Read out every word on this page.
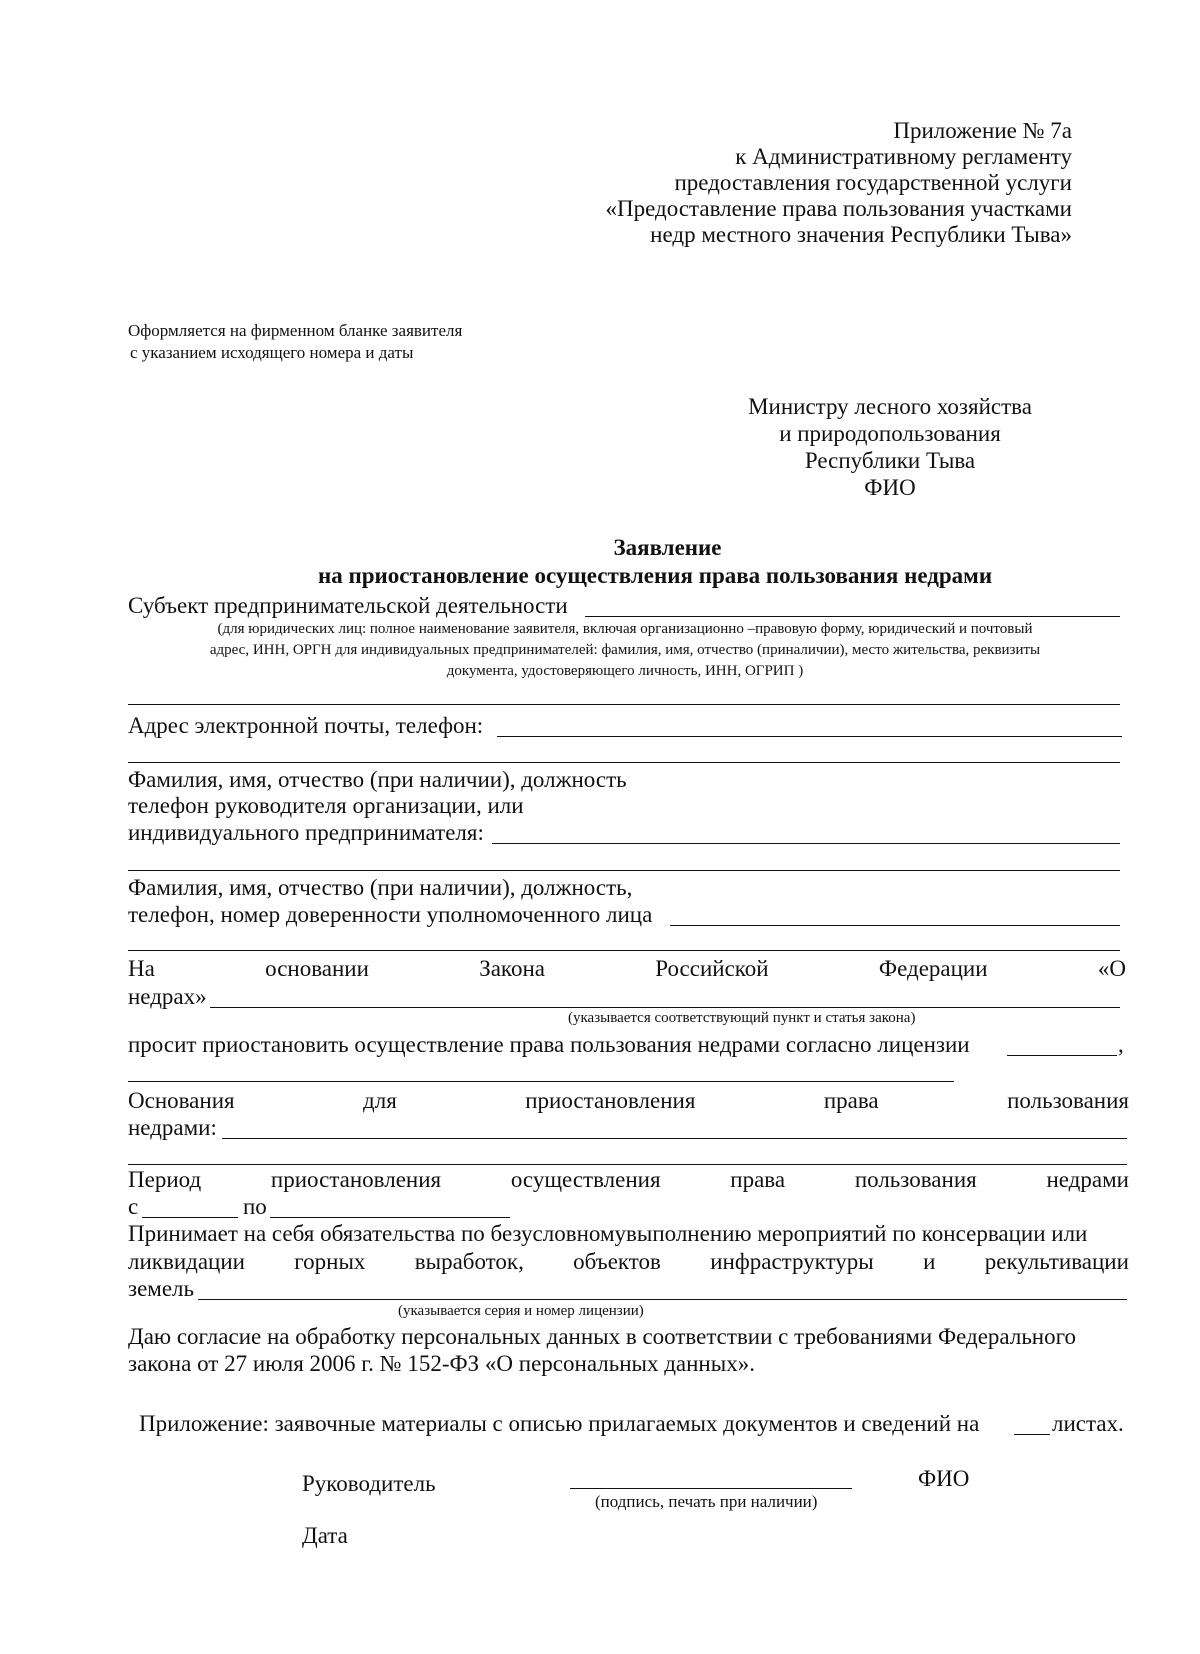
Приложение № 7а
к Административному регламенту
предоставления государственной услуги
«Предоставление права пользования участками
недр местного значения Республики Тыва»
Оформляется на фирменном бланке заявителя
с указанием исходящего номера и даты
Министру лесного хозяйства
и природопользования
Республики Тыва
ФИО
Заявление
на приостановление осуществления права пользования недрами
Субъект предпринимательской деятельности
(для юридических лиц: полное наименование заявителя, включая организационно –правовую форму, юридический и почтовый
адрес, ИНН, ОРГН для индивидуальных предпринимателей: фамилия, имя, отчество (приналичии), место жительства, реквизиты
документа, удостоверяющего личность, ИНН, ОГРИП )
Адрес электронной почты, телефон:
Фамилия, имя, отчество (при наличии), должность
телефон руководителя организации, или
индивидуального предпринимателя:
Фамилия, имя, отчество (при наличии), должность,
телефон, номер доверенности уполномоченного лица
На	основании	Закона	Российской	Федерации	«О
недрах»
(указывается соответствующий пункт и статья закона)
просит приостановить осуществление права пользования недрами согласно лицензии	,
Основания	для	приостановления	права	пользования
недрами:
Период	приостановления	осуществления	права	пользования	недрами
с	по
Принимает на себя обязательства по безусловномувыполнению мероприятий по консервации или
ликвидации горных выработок, объектов инфраструктуры и рекультивации
земель
(указывается серия и номер лицензии)
Даю согласие на обработку персональных данных в соответствии с требованиями Федерального
закона от 27 июля 2006 г. № 152-ФЗ «О персональных данных».
Приложение: заявочные материалы с описью прилагаемых документов и сведений на	листах.
Руководитель	ФИО
(подпись, печать при наличии)
Дата
